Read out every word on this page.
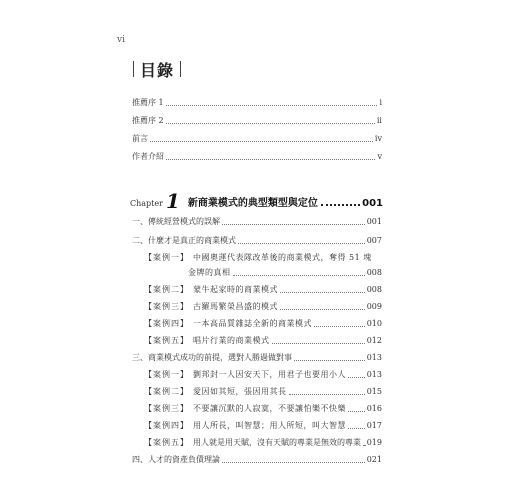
vi
目錄
推薦序 1	i
推薦序 2	ii
前言	iv
作者介紹	v
Chapter 1 新商業模式的典型類型與定位	001
一、傳統經營模式的誤解	001
二、什麼才是真正的商業模式	007
【案例一】 中國奧運代表隊改革後的商業模式，奪得 51 塊
金牌的真相	008
【案例二】 蒙牛起家時的商業模式	008
【案例三】 古羅馬繁榮昌盛的模式	009
【案例四】 一本高品質雜誌全新的商業模式	010
【案例五】 唱片行業的商業模式	012
三、商業模式成功的前提，選對人勝過做對事	013
【案例一】 劉邦封一人因安天下，用君子也要用小人	013
【案例二】 愛因如其短，張因用其長	015
【案例三】 不要讓沉默的人寂寞，不要讓怕樂不快樂	016
【案例四】 用人所長，叫智慧；用人所短，叫大智慧	017
【案例五】 用人就是用天賦，沒有天賦的專業是無效的專業 019
四、人才的資產負債理論	021
